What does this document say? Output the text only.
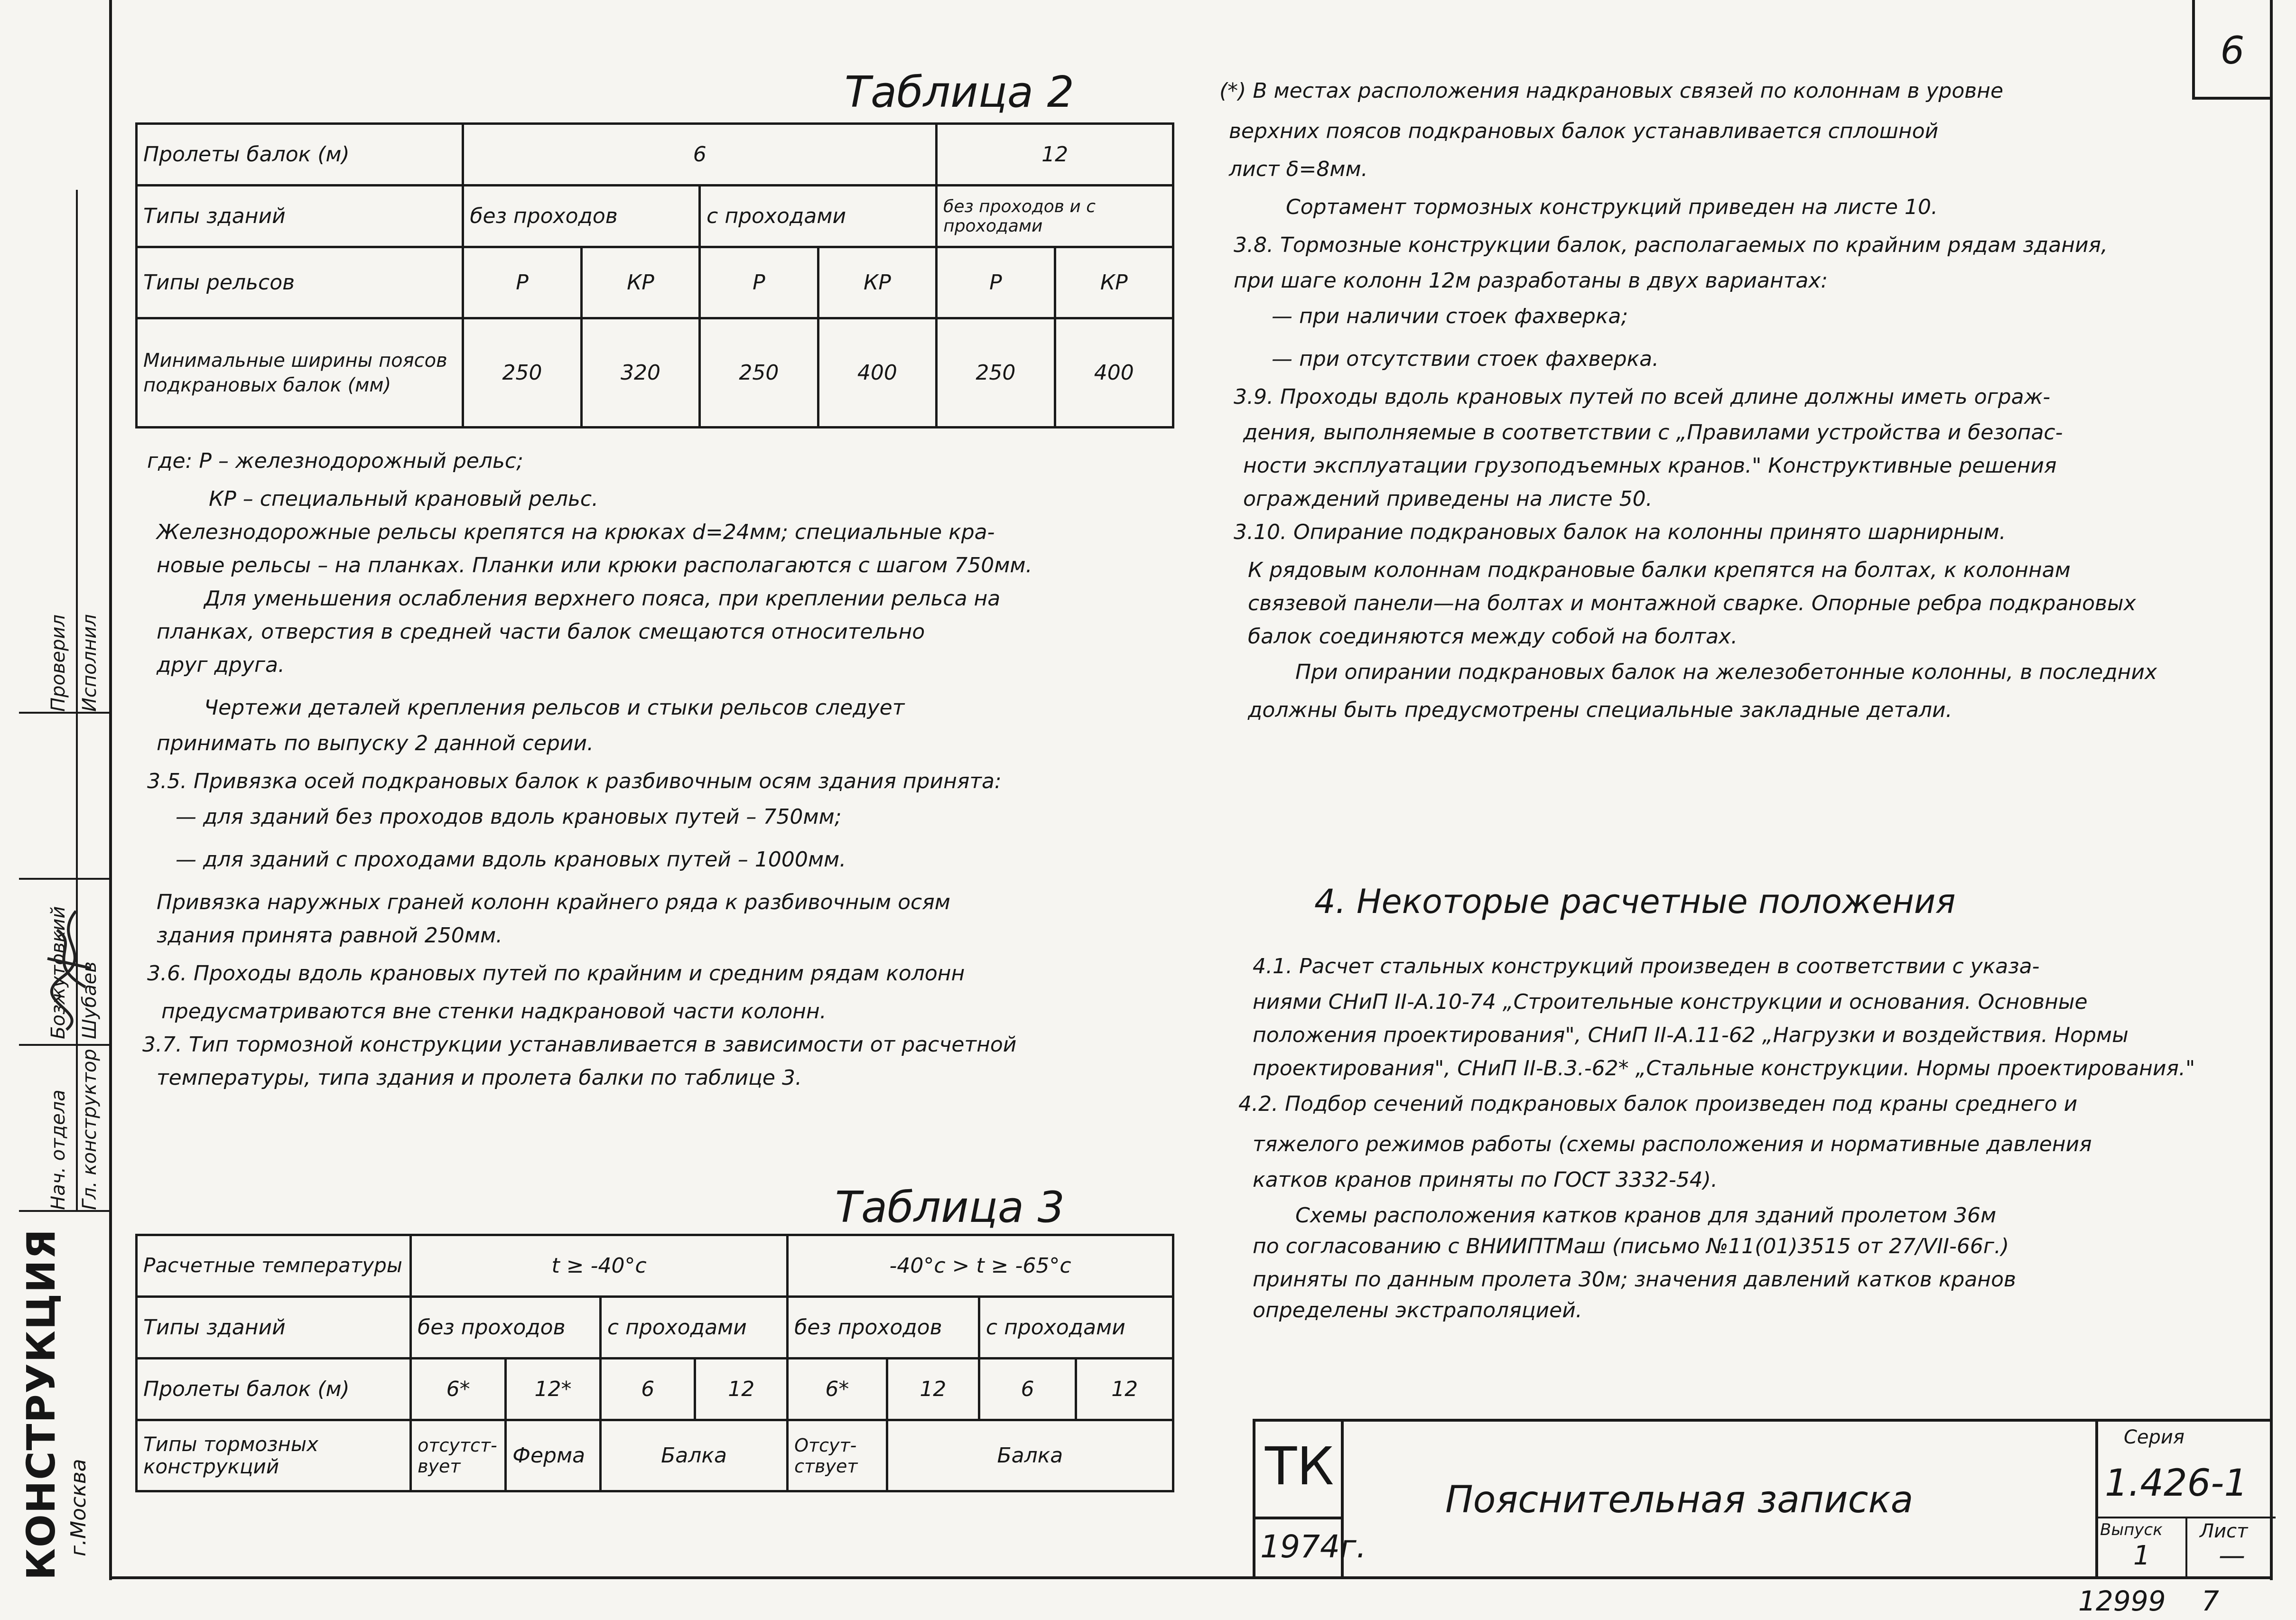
6
Нач. отдела Гл. конструктор
Бозжутовкий Шубаев
Проверил Исполнил
КОНСТРУКЦИЯ г.Москва
Таблица 2
Пролеты балок (м)	6				12	
Типы зданий	без проходов		с проходами		без проходов и с проходами	
Типы рельсов	Р	КР	Р	КР	Р	КР
Минимальные ширины поясов подкрановых балок (мм)	250	320	250	400	250	400
где: Р – железнодорожный рельс;
КР – специальный крановый рельс.
Железнодорожные рельсы крепятся на крюках d=24мм; специальные кра-
новые рельсы – на планках. Планки или крюки располагаются с шагом 750мм.
Для уменьшения ослабления верхнего пояса, при креплении рельса на
планках, отверстия в средней части балок смещаются относительно
друг друга.
Чертежи деталей крепления рельсов и стыки рельсов следует
принимать по выпуску 2 данной серии.
3.5. Привязка осей подкрановых балок к разбивочным осям здания принята:
— для зданий без проходов вдоль крановых путей – 750мм;
— для зданий с проходами вдоль крановых путей – 1000мм.
Привязка наружных граней колонн крайнего ряда к разбивочным осям
здания принята равной 250мм.
3.6. Проходы вдоль крановых путей по крайним и средним рядам колонн
предусматриваются вне стенки надкрановой части колонн.
3.7. Тип тормозной конструкции устанавливается в зависимости от расчетной
температуры, типа здания и пролета балки по таблице 3.
Таблица 3
Расчетные температуры	t ≥ -40°с				-40°с > t ≥ -65°с			
Типы зданий	без проходов		с проходами		без проходов		с проходами	
Пролеты балок (м)	6*	12*	6	12	6*	12	6	12
Типы тормозных конструкций	отсутст-вует	Ферма	Балка		Отсут-ствует	Балка		
(*) В местах расположения надкрановых связей по колоннам в уровне
верхних поясов подкрановых балок устанавливается сплошной
лист δ=8мм.
Сортамент тормозных конструкций приведен на листе 10.
3.8. Тормозные конструкции балок, располагаемых по крайним рядам здания,
при шаге колонн 12м разработаны в двух вариантах:
— при наличии стоек фахверка;
— при отсутствии стоек фахверка.
3.9. Проходы вдоль крановых путей по всей длине должны иметь ограж-
дения, выполняемые в соответствии с „Правилами устройства и безопас-
ности эксплуатации грузоподъемных кранов." Конструктивные решения
ограждений приведены на листе 50.
3.10. Опирание подкрановых балок на колонны принято шарнирным.
К рядовым колоннам подкрановые балки крепятся на болтах, к колоннам
связевой панели—на болтах и монтажной сварке. Опорные ребра подкрановых
балок соединяются между собой на болтах.
При опирании подкрановых балок на железобетонные колонны, в последних
должны быть предусмотрены специальные закладные детали.
4. Некоторые расчетные положения
4.1. Расчет стальных конструкций произведен в соответствии с указа-
ниями СНиП II-А.10-74 „Строительные конструкции и основания. Основные
положения проектирования", СНиП II-А.11-62 „Нагрузки и воздействия. Нормы
проектирования", СНиП II-В.3.-62* „Стальные конструкции. Нормы проектирования."
4.2. Подбор сечений подкрановых балок произведен под краны среднего и
тяжелого режимов работы (схемы расположения и нормативные давления
катков кранов приняты по ГОСТ 3332-54).
Схемы расположения катков кранов для зданий пролетом 36м
по согласованию с ВНИИПТМаш (письмо №11(01)3515 от 27/VII-66г.)
приняты по данным пролета 30м; значения давлений катков кранов
определены экстраполяцией.
ТК
1974г.
Пояснительная записка
Серия
1.426-1
Выпуск
1
Лист
—
12999 7
